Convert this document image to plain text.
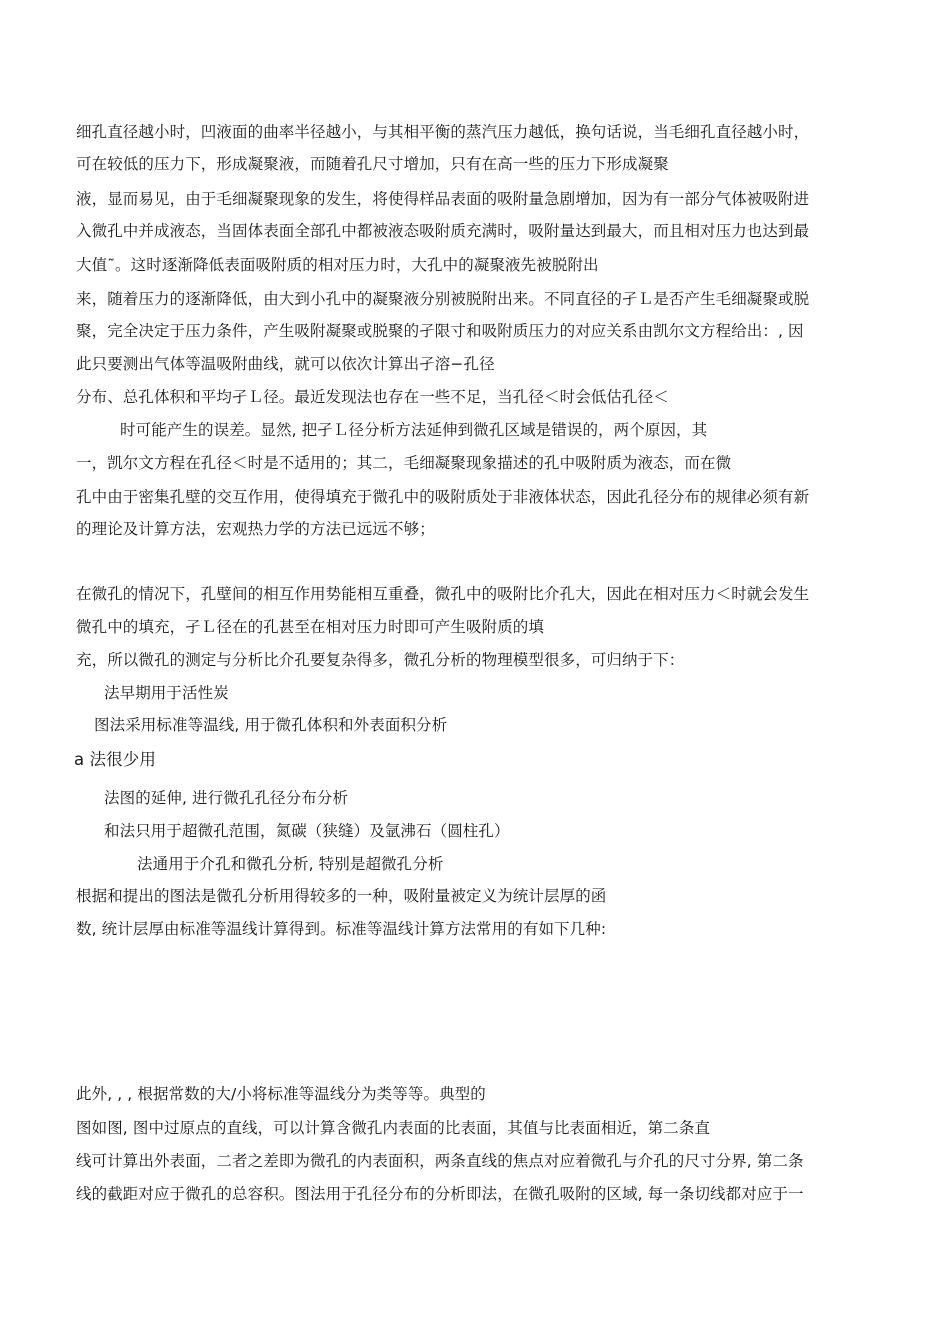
细孔直径越小时，凹液面的曲率半径越小，与其相平衡的蒸汽压力越低，换句话说，当毛细孔直径越小时，
可在较低的压力下，形成凝聚液，而随着孔尺寸增加，只有在高一些的压力下形成凝聚
液，显而易见，由于毛细凝聚现象的发生，将使得样品表面的吸附量急剧增加，因为有一部分气体被吸附进
入微孔中并成液态，当固体表面全部孔中都被液态吸附质充满时，吸附量达到最大，而且相对压力也达到最
大值˜。这时逐渐降低表面吸附质的相对压力时，大孔中的凝聚液先被脱附出
来，随着压力的逐渐降低，由大到小孔中的凝聚液分别被脱附出来。不同直径的孑Ｌ是否产生毛细凝聚或脱
聚，完全决定于压力条件，产生吸附凝聚或脱聚的孑限寸和吸附质压力的对应关系由凯尔文方程给出：, 因
此只要测出气体等温吸附曲线，就可以依次计算出孑溶−孔径
分布、总孔体积和平均孑Ｌ径。最近发现法也存在一些不足，当孔径＜时会低估孔径＜
时可能产生的误差。显然, 把孑Ｌ径分析方法延伸到微孔区域是错误的，两个原因，其
一，凯尔文方程在孔径＜时是不适用的；其二，毛细凝聚现象描述的孔中吸附质为液态，而在微
孔中由于密集孔壁的交互作用，使得填充于微孔中的吸附质处于非液体状态，因此孔径分布的规律必须有新
的理论及计算方法，宏观热力学的方法已远远不够；
在微孔的情况下，孔壁间的相互作用势能相互重叠，微孔中的吸附比介孔大，因此在相对压力＜时就会发生
微孔中的填充，孑Ｌ径在的孔甚至在相对压力时即可产生吸附质的填
充，所以微孔的测定与分析比介孔要复杂得多，微孔分析的物理模型很多，可归纳于下：
法早期用于活性炭
图法采用标准等温线, 用于微孔体积和外表面积分析
a 法很少用
法图的延伸, 进行微孔孔径分布分析
和法只用于超微孔范围，氮碳（狭缝）及氩沸石（圆柱孔）
法通用于介孔和微孔分析, 特别是超微孔分析
根据和提出的图法是微孔分析用得较多的一种，吸附量被定义为统计层厚的函
数, 统计层厚由标准等温线计算得到。标准等温线计算方法常用的有如下几种:
此外, , , 根据常数的大/小将标准等温线分为类等等。典型的
图如图, 图中过原点的直线，可以计算含微孔内表面的比表面，其值与比表面相近，第二条直
线可计算出外表面，二者之差即为微孔的内表面积，两条直线的焦点对应着微孔与介孔的尺寸分界, 第二条
线的截距对应于微孔的总容积。图法用于孔径分布的分析即法，在微孔吸附的区域, 每一条切线都对应于一
